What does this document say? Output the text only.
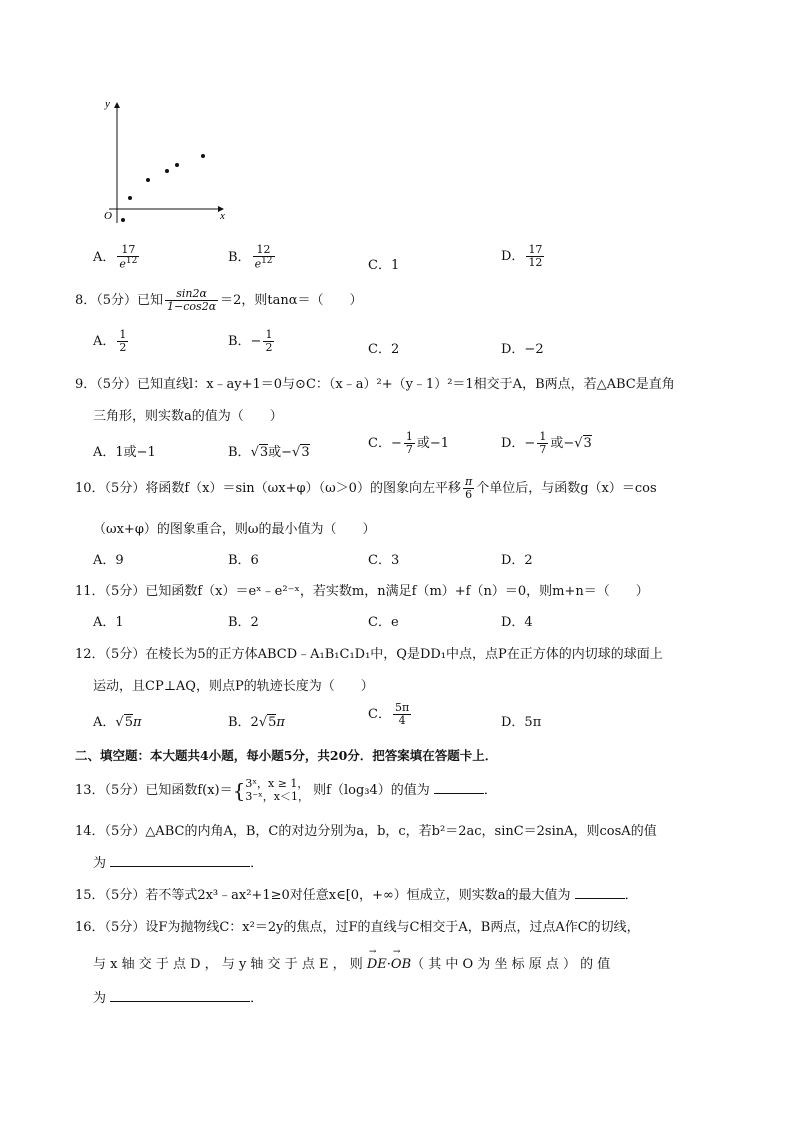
y
x
O
A． $\frac{17}{e^{12}}$	B． $\frac{12}{e^{12}}$	C．1
D． $\frac{17}{12}$
8．（5分）已知 $\frac{\sin 2\alpha}{1-\cos 2\alpha} =2$，则tanα＝（　　）
A． $\frac{1}{2}$	B．− $\frac{1}{2}$	C．2	D．−2
9．（5分）已知直线l：x﹣ay+1＝0与⊙C：（x﹣a）²+（y﹣1）²＝1相交于A，B两点，若△ABC是直角
三角形，则实数a的值为（　　）
A．1或−1	B．√3或−√3
C．− $\frac{1}{7}$ 或−1	D．− $\frac{1}{7}$ 或−√3
10．（5分）将函数f（x）＝sin（ωx+φ）（ω＞0）的图象向左平移 $\frac{\pi}{6}$ 个单位后，与函数g（x）＝cos
（ωx+φ）的图象重合，则ω的最小值为（　　）
A．9	B．6	C．3	D．2
11．（5分）已知函数f（x）＝eˣ﹣e²⁻ˣ，若实数m，n满足f（m）+f（n）＝0，则m+n＝（　　）
A．1	B．2	C．e	D．4
12．（5分）在棱长为5的正方体ABCD﹣A₁B₁C₁D₁中，Q是DD₁中点，点P在正方体的内切球的球面上
运动，且CP⊥AQ，则点P的轨迹长度为（　　）
A．√5π	B．2√5π
C． $\frac{5\pi}{4}$	D．5π
二、填空题：本大题共4小题，每小题5分，共20分．把答案填在答题卡上．
13．（5分）已知函数f(x)＝{ 3ˣ，x ≥ 1，
3⁻ˣ，x＜1， 则f（log₃4）的值为	．
14．（5分）△ABC的内角A，B，C的对边分别为a，b，c，若b²＝2ac，sinC＝2sinA，则cosA的值
为	．
15．（5分）若不等式2x³﹣ax²+1≥0对任意x∈[0，+∞）恒成立，则实数a的最大值为	．
16．（5分）设F为抛物线C：x²＝2y的焦点，过F的直线与C相交于A，B两点，过点A作C的切线，
与 x 轴 交 于 点 D ， 与 y 轴 交 于 点 E ， 则 → DE·→ OB（ 其 中 O 为 坐 标 原 点 ） 的 值
为	．
